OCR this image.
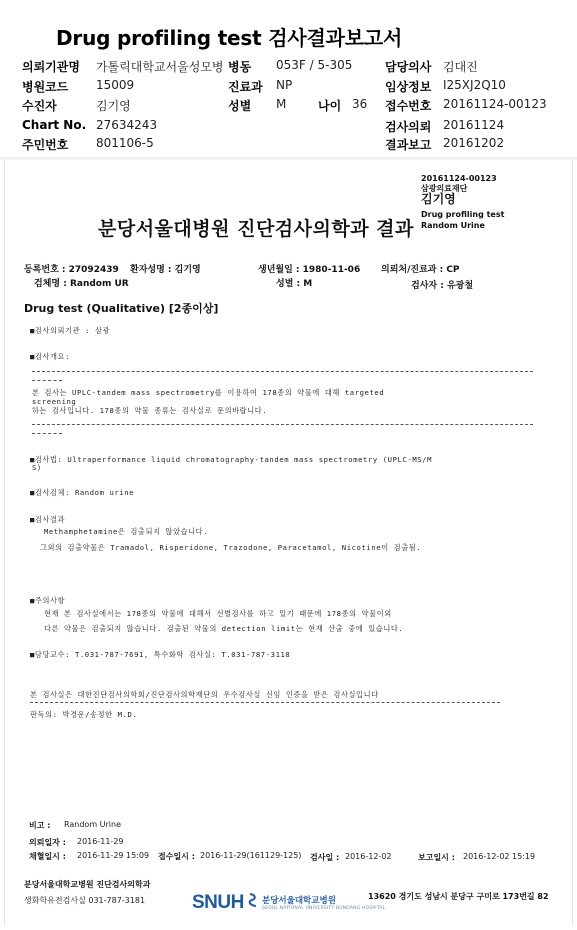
Drug profiling test 검사결과보고서
의뢰기관명 가톨릭대학교서울성모병 병동 053F / 5-305	담당의사 김대진
병원코드 15009	진료과 NP	임상정보 I25XJ2Q10
수진자	김기영	성별 M	나이 36 접수번호 20161124-00123
Chart No. 27634243	검사의뢰 20161124
주민번호 801106-5	결과보고 20161202
20161124-00123
삼광의료재단
김기영
Drug profiling test
Random Urine
분당서울대병원 진단검사의학과 결과
등록번호 : 27092439 환자성명 : 김기영	생년월일 : 1980-11-06 의뢰처/진료과 : CP
검체명 : Random UR	성별 : M	검사자 : 유광철
Drug test (Qualitative) [2종이상]
■검사의뢰기관 : 삼광
■검사개요:
본 검사는 UPLC-tandem mass spectrometry를 이용하여 178종의 약물에 대해 targeted
screening
하는 검사입니다. 178종의 약물 종류는 검사실로 문의바랍니다.
■검사법: Ultraperformance liquid chromatography-tandem mass spectrometry (UPLC-MS/M
S)
■검사검체: Random urine
■검사결과
Methamphetamine은 검출되지 않았습니다.
그외의 검출약물은 Tramadol, Risperidone, Trazodone, Paracetamol, Nicotine이 검출됨.
■주의사항
현재 본 검사실에서는 178종의 약물에 대해서 선별검사를 하고 있기 때문에 178종의 약물이외
다른 약물은 검출되지 않습니다. 검출된 약물의 detection limit는 현재 산출 중에 있습니다.
■담당교수: T.031-787-7691, 특수화학 검사실: T.031-787-3118
본 검사실은 대한진단검사의학회/진단검사의학재단의 우수검사실 신임 인증을 받은 검사실입니다
판독의: 박경운/송정한 M.D.
비고 : Random Urine
의뢰일자 : 2016-11-29
채혈일시 : 2016-11-29 15:09 접수일시 : 2016-11-29(161129-125) 검사일 : 2016-12-02	보고일시 : 2016-12-02 15:19
분당서울대학교병원 진단검사의학과
생화학유전검사실 031-787-3181 SNUH 분당서울대학교병원
SEOUL NATIONAL UNIVERSITY BUNDANG HOSPITAL
13620 경기도 성남시 분당구 구미로 173번길 82
